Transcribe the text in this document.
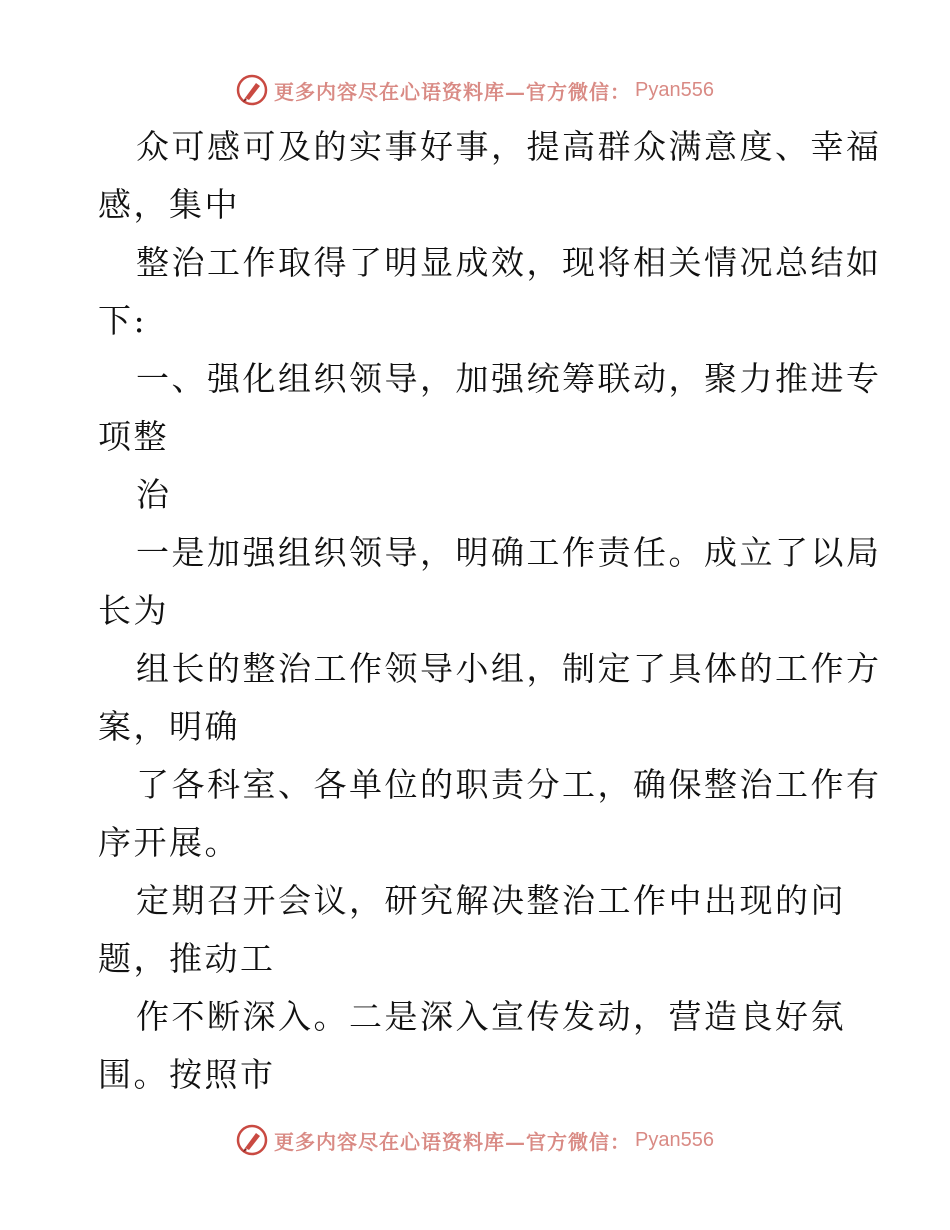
更多内容尽在心语资料库—官方微信： Pyan556
众可感可及的实事好事，提高群众满意度、幸福
感，集中
整治工作取得了明显成效，现将相关情况总结如
下:
一、强化组织领导，加强统筹联动，聚力推进专
项整
治
一是加强组织领导，明确工作责任。成立了以局
长为
组长的整治工作领导小组，制定了具体的工作方
案，明确
了各科室、各单位的职责分工，确保整治工作有
序开展。
定期召开会议，研究解决整治工作中出现的问
题，推动工
作不断深入。二是深入宣传发动，营造良好氛
围。按照市
更多内容尽在心语资料库—官方微信： Pyan556
